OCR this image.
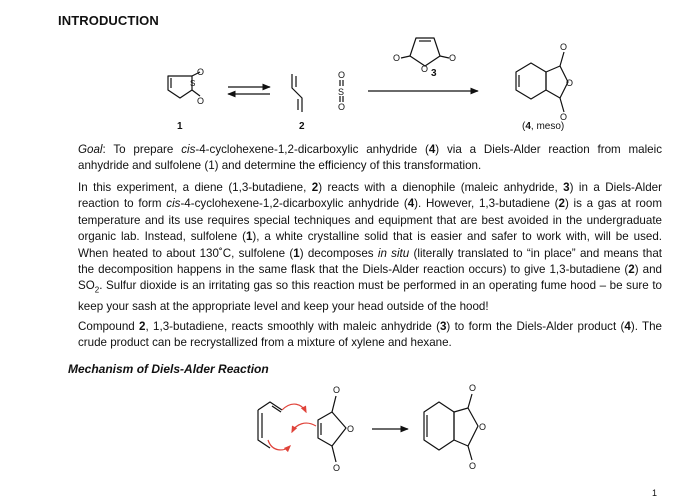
INTRODUCTION
O
O
S
O
S
O
O
O
O
O
O
O
1	2
3
(4, meso)

Goal: To prepare cis-4-cyclohexene-1,2-dicarboxylic anhydride (4) via a Diels-Alder reaction from maleic anhydride and sulfolene (1) and determine the efficiency of this transformation.

In this experiment, a diene (1,3-butadiene, 2) reacts with a dienophile (maleic anhydride, 3) in a Diels-Alder reaction to form cis-4-cyclohexene-1,2-dicarboxylic anhydride (4). However, 1,3-butadiene (2) is a gas at room temperature and its use requires special techniques and equipment that are best avoided in the undergraduate organic lab. Instead, sulfolene (1), a white crystalline solid that is easier and safer to work with, will be used. When heated to about 130˚C, sulfolene (1) decomposes in situ (literally translated to “in place” and means that the decomposition happens in the same flask that the Diels-Alder reaction occurs) to give 1,3-butadiene (2) and $SO_2$. Sulfur dioxide is an irritating gas so this reaction must be performed in an operating fume hood – be sure to keep your sash at the appropriate level and keep your head outside of the hood!

Compound 2, 1,3-butadiene, reacts smoothly with maleic anhydride (3) to form the Diels-Alder product (4). The crude product can be recrystallized from a mixture of xylene and hexane.

Mechanism of Diels-Alder Reaction
O
O
O
O
O
O
1
